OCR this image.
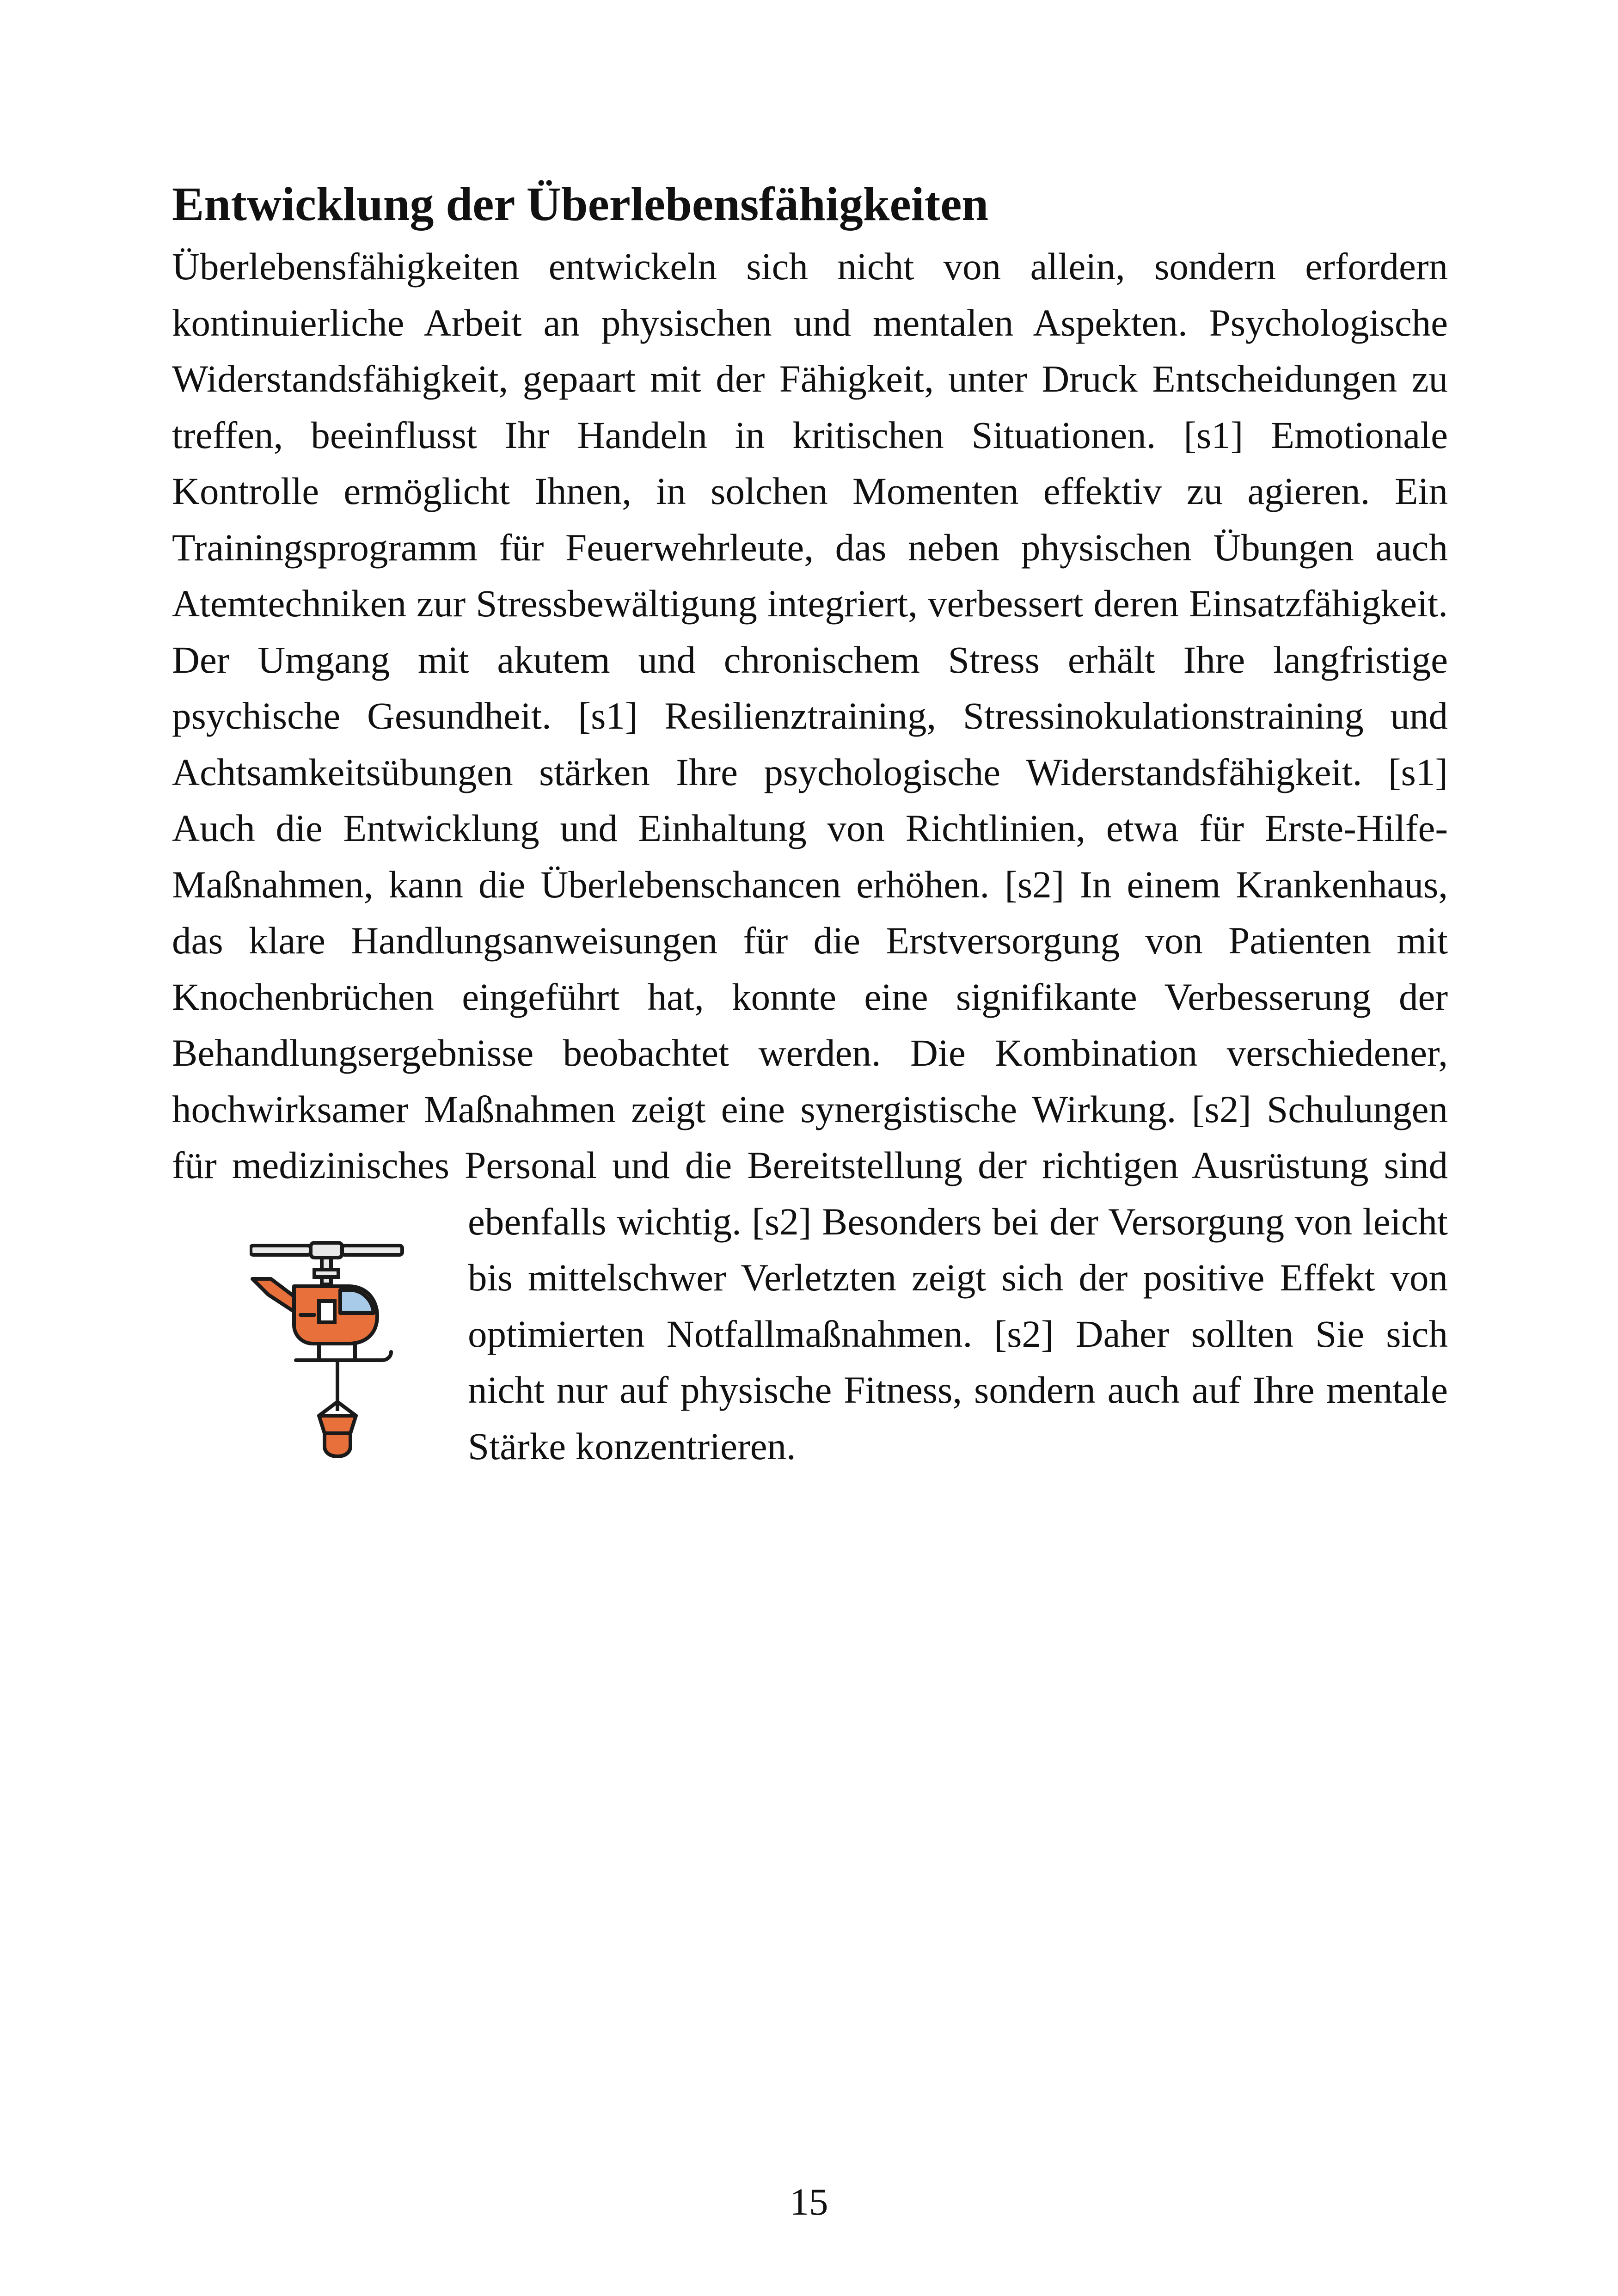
Entwicklung der Überlebensfähigkeiten

Überlebensfähigkeiten entwickeln sich nicht von allein, sondern erfordern kontinuierliche Arbeit an physischen und mentalen Aspekten. Psychologische Widerstandsfähigkeit, gepaart mit der Fähigkeit, unter Druck Entscheidungen zu treffen, beeinflusst Ihr Handeln in kritischen Situationen. [s1] Emotionale Kontrolle ermöglicht Ihnen, in solchen Momenten effektiv zu agieren. Ein Trainingsprogramm für Feuerwehrleute, das neben physischen Übungen auch Atemtechniken zur Stressbewältigung integriert, verbessert deren Einsatzfähigkeit. Der Umgang mit akutem und chronischem Stress erhält Ihre langfristige psychische Gesundheit. [s1] Resilienztraining, Stressinokulationstraining und Achtsamkeitsübungen stärken Ihre psychologische Widerstandsfähigkeit. [s1] Auch die Entwicklung und Einhaltung von Richtlinien, etwa für Erste-Hilfe-Maßnahmen, kann die Überlebenschancen erhöhen. [s2] In einem Krankenhaus, das klare Handlungsanweisungen für die Erstversorgung von Patienten mit Knochenbrüchen eingeführt hat, konnte eine signifikante Verbesserung der Behandlungsergebnisse beobachtet werden. Die Kombination verschiedener, hochwirksamer Maßnahmen zeigt eine synergistische Wirkung. [s2] Schulungen für medizinisches Personal und die Bereitstellung der richtigen Ausrüstung sind ebenfalls wichtig. [s2] Besonders bei der Versorgung von leicht bis mittelschwer Verletzten zeigt sich der positive Effekt von optimierten Notfallmaßnahmen. [s2] Daher sollten Sie sich nicht nur auf physische Fitness, sondern auch auf Ihre mentale Stärke konzentrieren.

15
